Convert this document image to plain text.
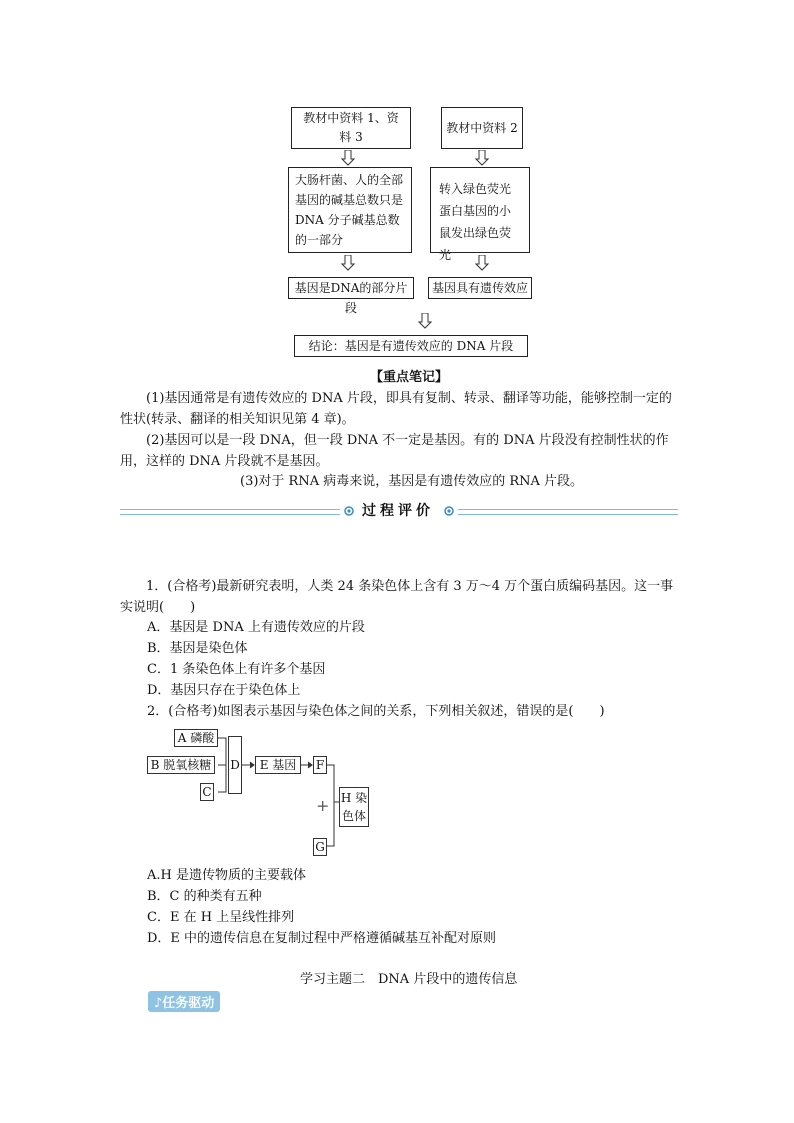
教材中资料 1、资料 3
教材中资料 2
大肠杆菌、人的全部基因的碱基总数只是 DNA 分子碱基总数的一部分
转入绿色荧光蛋白基因的小鼠发出绿色荧光
基因是DNA的部分片段
基因具有遗传效应
结论：基因是有遗传效应的 DNA 片段
【重点笔记】
(1)基因通常是有遗传效应的 DNA 片段，即具有复制、转录、翻译等功能，能够控制一定的性状(转录、翻译的相关知识见第 4 章)。
(2)基因可以是一段 DNA，但一段 DNA 不一定是基因。有的 DNA 片段没有控制性状的作用，这样的 DNA 片段就不是基因。
(3)对于 RNA 病毒来说，基因是有遗传效应的 RNA 片段。
过程评价
1．(合格考)最新研究表明，人类 24 条染色体上含有 3 万～4 万个蛋白质编码基因。这一事实说明(　　)
A．基因是 DNA 上有遗传效应的片段
B．基因是染色体
C．1 条染色体上有许多个基因
D．基因只存在于染色体上
2．(合格考)如图表示基因与染色体之间的关系，下列相关叙述，错误的是(　　)
A 磷酸
B 脱氧核糖
C
D	E 基因	F
+ H 染色体
G
A.H 是遗传物质的主要载体
B．C 的种类有五种
C．E 在 H 上呈线性排列
D．E 中的遗传信息在复制过程中严格遵循碱基互补配对原则
学习主题二　DNA 片段中的遗传信息
♪任务驱动
